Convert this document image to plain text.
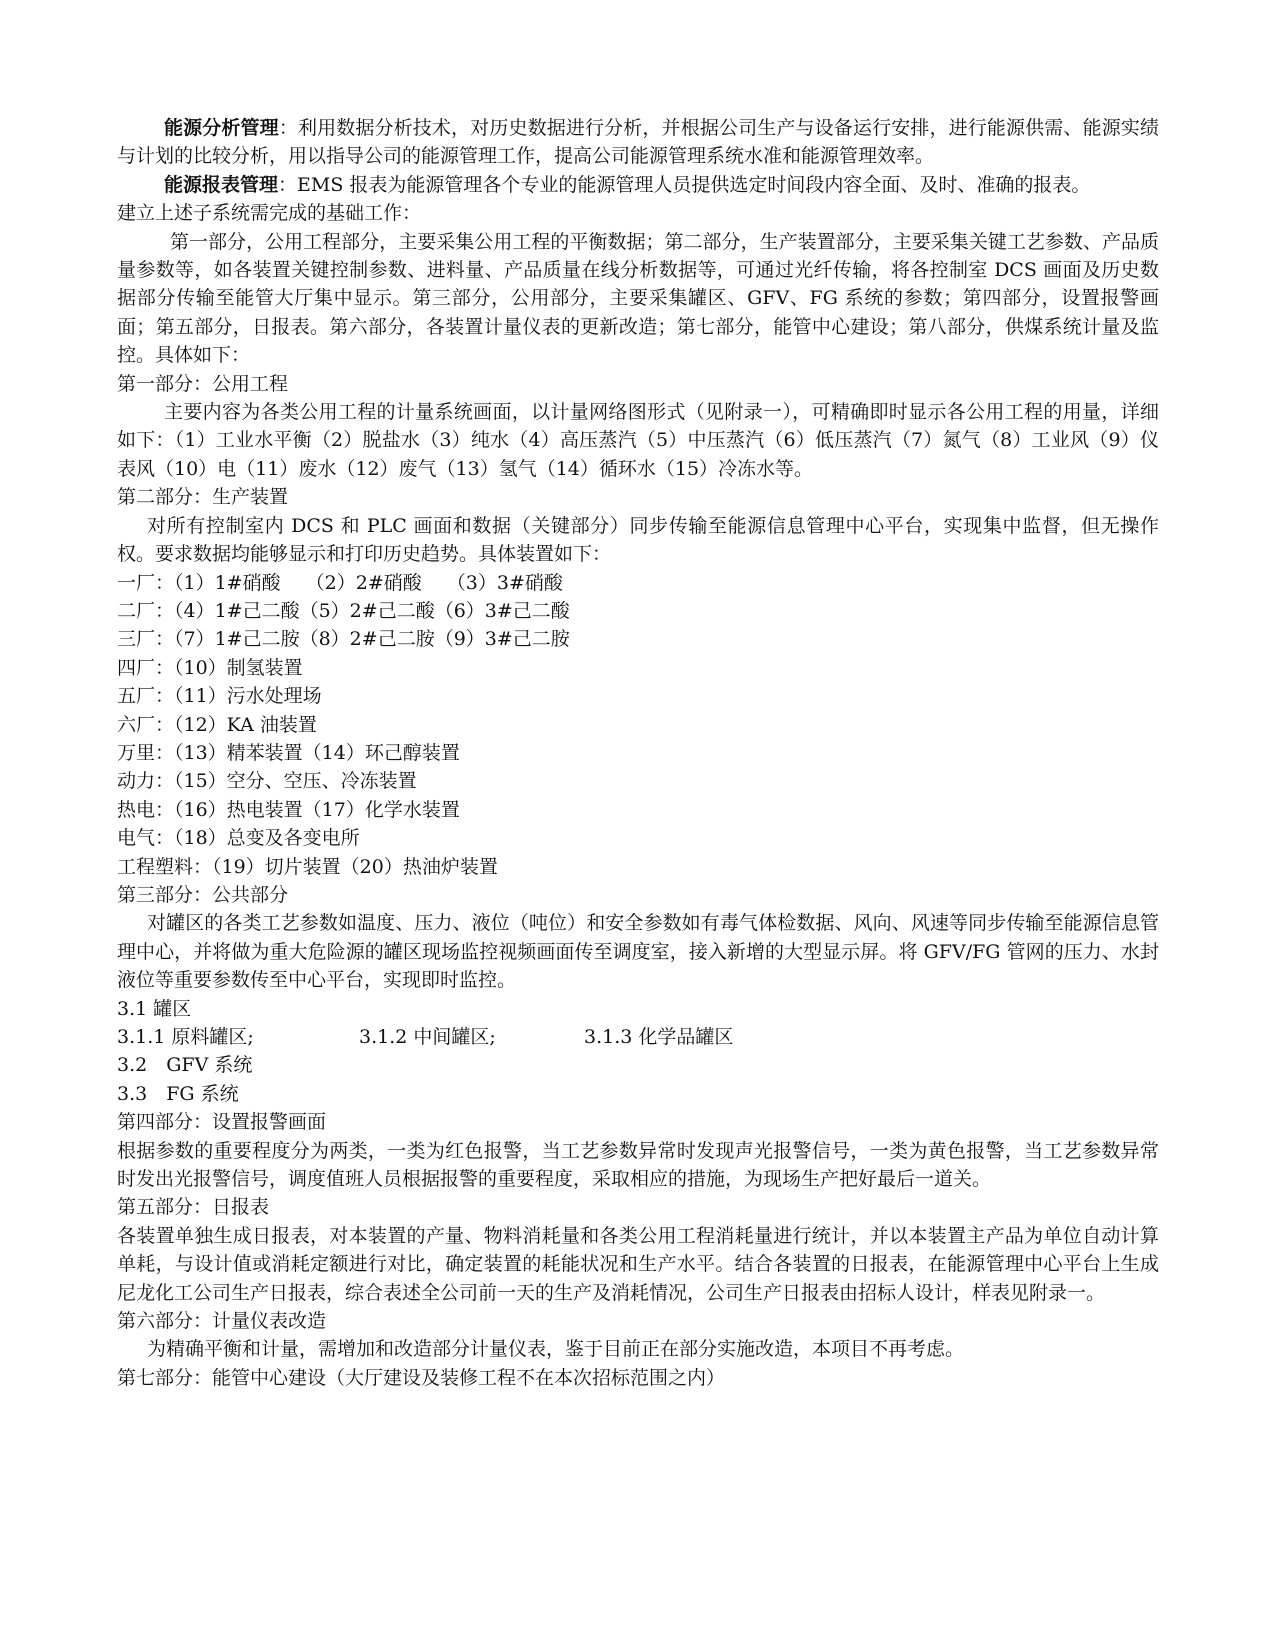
能源分析管理：利用数据分析技术，对历史数据进行分析，并根据公司生产与设备运行安排，进行能源供需、能源实绩与计划的比较分析，用以指导公司的能源管理工作，提高公司能源管理系统水准和能源管理效率。

能源报表管理：EMS 报表为能源管理各个专业的能源管理人员提供选定时间段内容全面、及时、准确的报表。

建立上述子系统需完成的基础工作：

第一部分，公用工程部分，主要采集公用工程的平衡数据；第二部分，生产装置部分，主要采集关键工艺参数、产品质量参数等，如各装置关键控制参数、进料量、产品质量在线分析数据等，可通过光纤传输，将各控制室 DCS 画面及历史数据部分传输至能管大厅集中显示。第三部分，公用部分，主要采集罐区、GFV、FG 系统的参数；第四部分，设置报警画面；第五部分，日报表。第六部分，各装置计量仪表的更新改造；第七部分，能管中心建设；第八部分，供煤系统计量及监控。具体如下：

第一部分：公用工程

主要内容为各类公用工程的计量系统画面，以计量网络图形式（见附录一），可精确即时显示各公用工程的用量，详细如下：（1）工业水平衡（2）脱盐水（3）纯水（4）高压蒸汽（5）中压蒸汽（6）低压蒸汽（7）氮气（8）工业风（9）仪表风（10）电（11）废水（12）废气（13）氢气（14）循环水（15）冷冻水等。

第二部分：生产装置

对所有控制室内 DCS 和 PLC 画面和数据（关键部分）同步传输至能源信息管理中心平台，实现集中监督，但无操作权。要求数据均能够显示和打印历史趋势。具体装置如下：

一厂：（1）1#硝酸　 （2）2#硝酸　 （3）3#硝酸

二厂：（4）1#己二酸（5）2#己二酸（6）3#己二酸

三厂：（7）1#己二胺（8）2#己二胺（9）3#己二胺

四厂：（10）制氢装置

五厂：（11）污水处理场

六厂：（12）KA 油装置

万里：（13）精苯装置（14）环己醇装置

动力：（15）空分、空压、冷冻装置

热电：（16）热电装置（17）化学水装置

电气：（18）总变及各变电所

工程塑料：（19）切片装置（20）热油炉装置

第三部分：公共部分

对罐区的各类工艺参数如温度、压力、液位（吨位）和安全参数如有毒气体检数据、风向、风速等同步传输至能源信息管理中心，并将做为重大危险源的罐区现场监控视频画面传至调度室，接入新增的大型显示屏。将 GFV/FG 管网的压力、水封液位等重要参数传至中心平台，实现即时监控。

3.1 罐区

3.1.1 原料罐区;	3.1.2 中间罐区;	3.1.3 化学品罐区

3.2　GFV 系统

3.3　FG 系统

第四部分：设置报警画面

根据参数的重要程度分为两类，一类为红色报警，当工艺参数异常时发现声光报警信号，一类为黄色报警，当工艺参数异常时发出光报警信号，调度值班人员根据报警的重要程度，采取相应的措施，为现场生产把好最后一道关。

第五部分：日报表

各装置单独生成日报表，对本装置的产量、物料消耗量和各类公用工程消耗量进行统计，并以本装置主产品为单位自动计算单耗，与设计值或消耗定额进行对比，确定装置的耗能状况和生产水平。结合各装置的日报表，在能源管理中心平台上生成尼龙化工公司生产日报表，综合表述全公司前一天的生产及消耗情况，公司生产日报表由招标人设计，样表见附录一。

第六部分：计量仪表改造

为精确平衡和计量，需增加和改造部分计量仪表，鉴于目前正在部分实施改造，本项目不再考虑。

第七部分：能管中心建设（大厅建设及装修工程不在本次招标范围之内）
